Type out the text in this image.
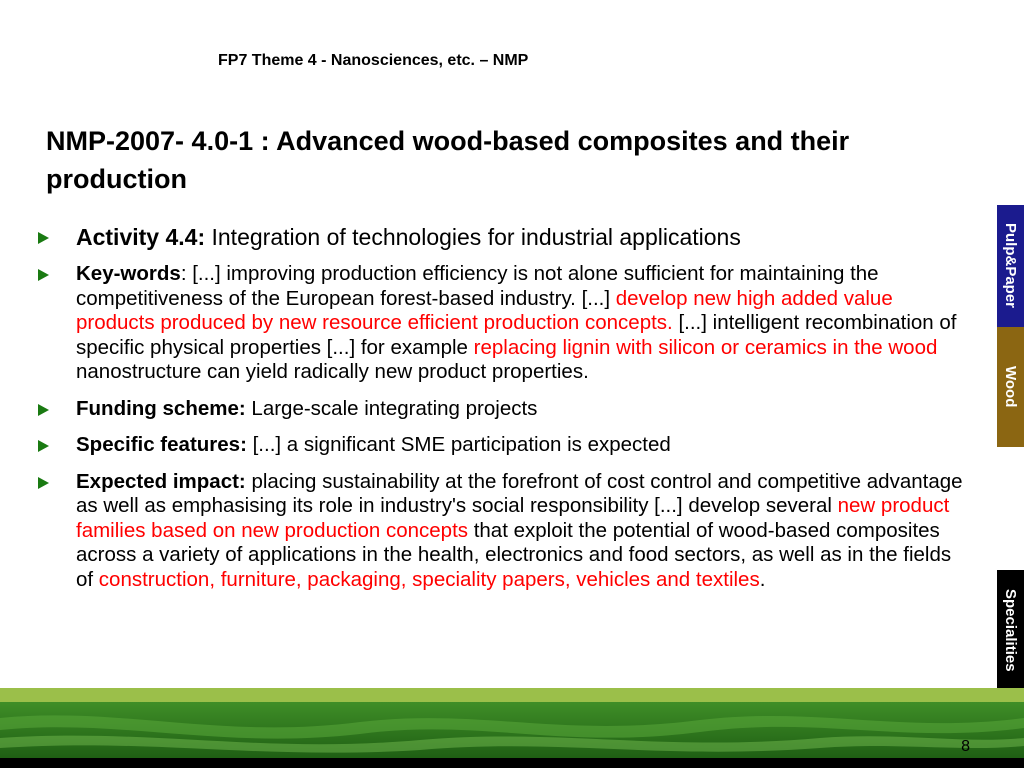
FP7 Theme 4 - Nanosciences, etc. – NMP
NMP-2007- 4.0-1 : Advanced wood-based composites and their production
Activity 4.4: Integration of technologies for industrial applications
Key-words: [...] improving production efficiency is not alone sufficient for maintaining the competitiveness of the European forest-based industry. [...] develop new high added value products produced by new resource efficient production concepts. [...] intelligent recombination of specific physical properties [...] for example replacing lignin with silicon or ceramics in the wood nanostructure can yield radically new product properties.
Funding scheme: Large-scale integrating projects
Specific features: [...] a significant SME participation is expected
Expected impact: placing sustainability at the forefront of cost control and competitive advantage as well as emphasising its role in industry's social responsibility [...] develop several new product families based on new production concepts that exploit the potential of wood-based composites across a variety of applications in the health, electronics and food sectors, as well as in the fields of construction, furniture, packaging, speciality papers, vehicles and textiles.
Pulp&Paper
Wood
Specialities
8
